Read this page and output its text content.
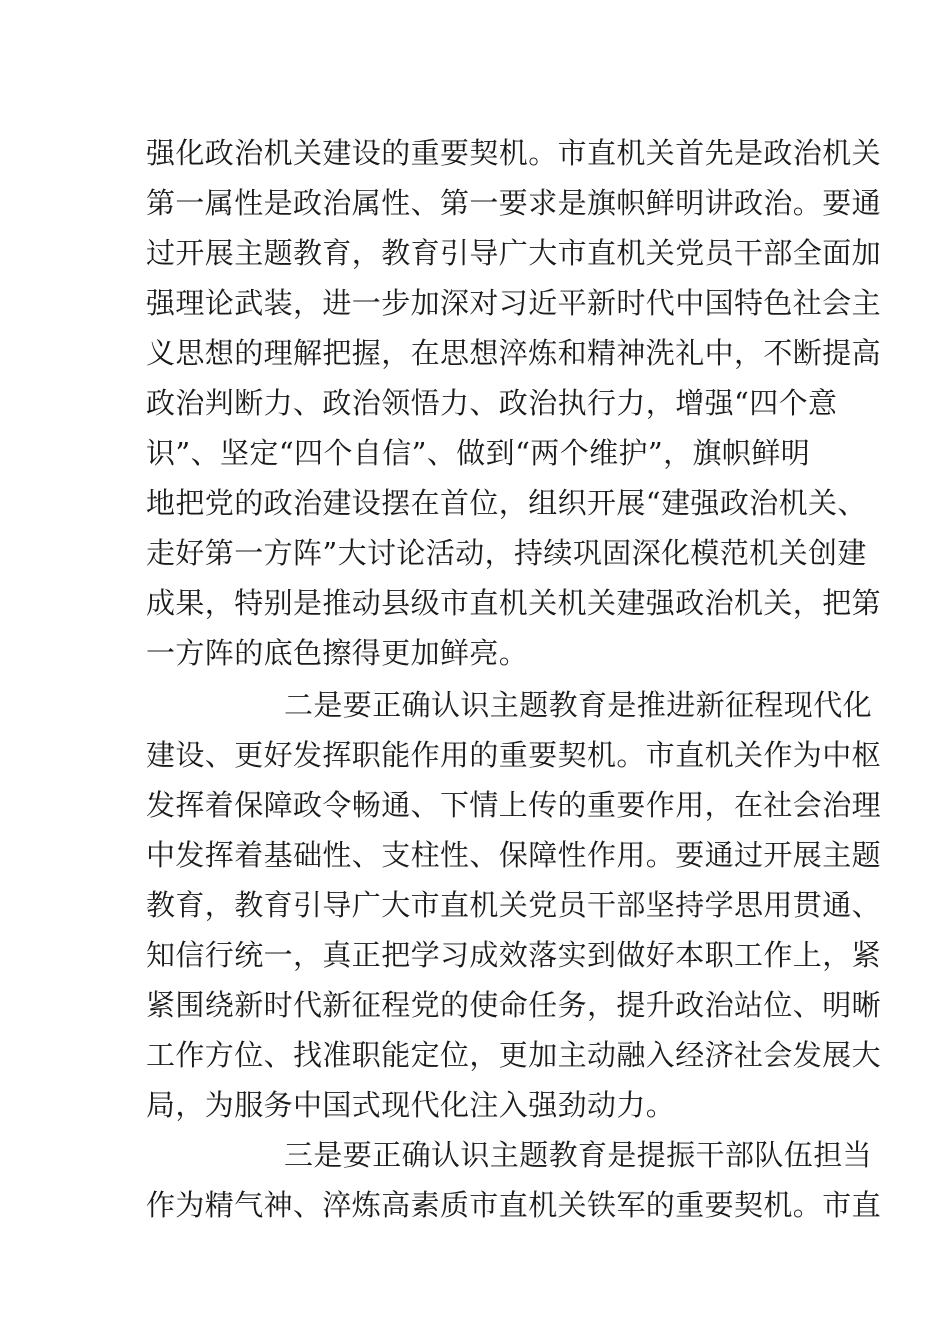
强化政治机关建设的重要契机。市直机关首先是政治机关
第一属性是政治属性、第一要求是旗帜鲜明讲政治。要通
过开展主题教育，教育引导广大市直机关党员干部全面加
强理论武装，进一步加深对习近平新时代中国特色社会主
义思想的理解把握，在思想淬炼和精神洗礼中，不断提高
政治判断力、政治领悟力、政治执行力，增强“四个意
识”、坚定“四个自信”、做到“两个维护”，旗帜鲜明
地把党的政治建设摆在首位，组织开展“建强政治机关、
走好第一方阵”大讨论活动，持续巩固深化模范机关创建
成果，特别是推动县级市直机关机关建强政治机关，把第
一方阵的底色擦得更加鲜亮。
二是要正确认识主题教育是推进新征程现代化
建设、更好发挥职能作用的重要契机。市直机关作为中枢
发挥着保障政令畅通、下情上传的重要作用，在社会治理
中发挥着基础性、支柱性、保障性作用。要通过开展主题
教育，教育引导广大市直机关党员干部坚持学思用贯通、
知信行统一，真正把学习成效落实到做好本职工作上，紧
紧围绕新时代新征程党的使命任务，提升政治站位、明晰
工作方位、找准职能定位，更加主动融入经济社会发展大
局，为服务中国式现代化注入强劲动力。
三是要正确认识主题教育是提振干部队伍担当
作为精气神、淬炼高素质市直机关铁军的重要契机。市直
